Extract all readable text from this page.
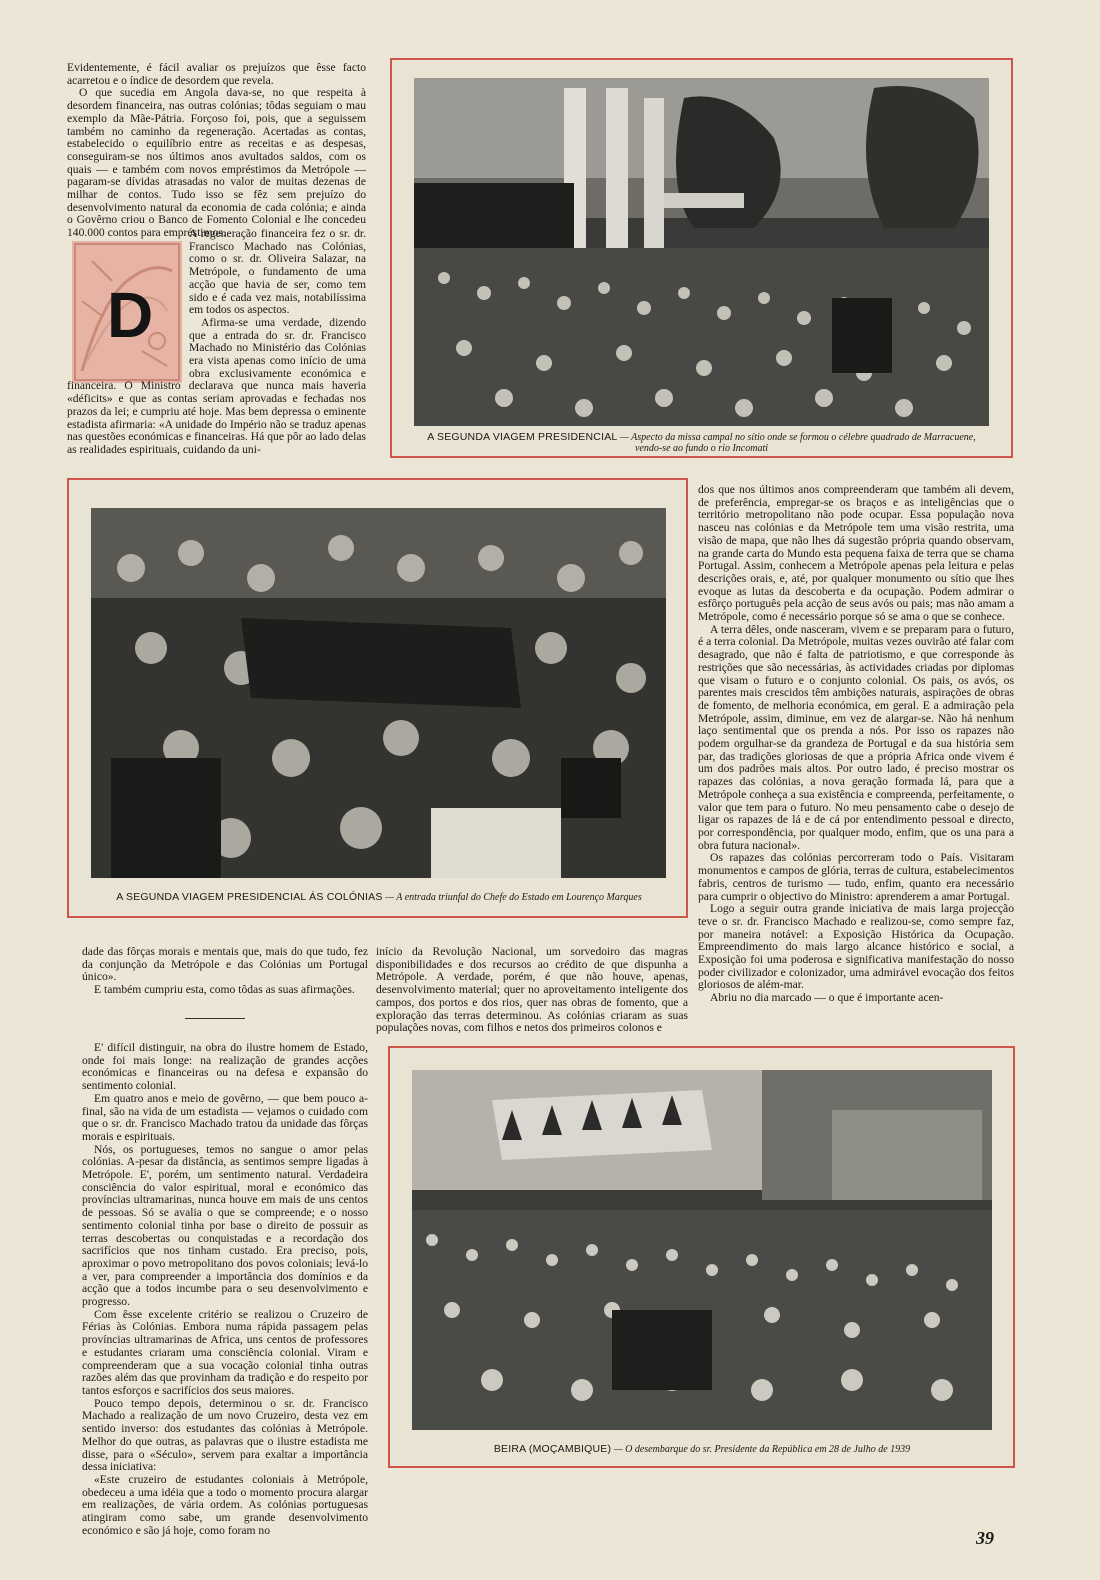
Evidentemente, é fácil avaliar os prejuízos que êsse facto acarretou e o índice de desordem que revela.

O que sucedia em Angola dava-se, no que respeita à desordem financeira, nas outras colónias; tôdas seguiam o mau exemplo da Mãe-Pátria. Forçoso foi, pois, que a seguissem também no caminho da regeneração. Acertadas as contas, estabelecido o equilíbrio entre as receitas e as despesas, conseguiram-se nos últimos anos avultados saldos, com os quais — e também com novos empréstimos da Metrópole — pagaram-se dívidas atrasadas no valor de muitas dezenas de milhar de contos. Tudo isso se fêz sem prejuízo do desenvolvimento natural da economia de cada colónia; e ainda o Govêrno criou o Banco de Fomento Colonial e lhe concedeu 140.000 contos para empréstimos.

D

A regeneração financeira fez o sr. dr. Francisco Machado nas Colónias, como o sr. dr. Oliveira Salazar, na Metrópole, o fundamento de uma acção que havia de ser, como tem sido e é cada vez mais, notabilíssima em todos os aspectos.

Afirma-se uma verdade, dizendo que a entrada do sr. dr. Francisco Machado no Ministério das Colónias era vista apenas como início de uma obra exclusivamente económica e financeira. O Ministro declarava que nunca mais haveria «déficits» e que as contas seriam aprovadas e fechadas nos prazos da lei; e cumpriu até hoje. Mas bem depressa o eminente estadista afirmaria: «A unidade do Império não se traduz apenas nas questões económicas e financeiras. Há que pôr ao lado delas as realidades espirituais, cuidando da uni-

A SEGUNDA VIAGEM PRESIDENCIAL — Aspecto da missa campal no sítio onde se formou o célebre quadrado de Marracuene, vendo-se ao fundo o rio Incomati
A SEGUNDA VIAGEM PRESIDENCIAL ÁS COLÓNIAS — A entrada triunfal do Chefe do Estado em Lourenço Marques

dos que nos últimos anos compreenderam que também ali devem, de preferência, empregar-se os braços e as inteligências que o território metropolitano não pode ocupar. Essa população nova nasceu nas colónias e da Metrópole tem uma visão restrita, uma visão de mapa, que não lhes dá sugestão própria quando observam, na grande carta do Mundo esta pequena faixa de terra que se chama Portugal. Assim, conhecem a Metrópole apenas pela leitura e pelas descrições orais, e, até, por qualquer monumento ou sítio que lhes evoque as lutas da descoberta e da ocupação. Podem admirar o esfôrço português pela acção de seus avós ou pais; mas não amam a Metrópole, como é necessário porque só se ama o que se conhece.

A terra dêles, onde nasceram, vivem e se preparam para o futuro, é a terra colonial. Da Metrópole, muitas vezes ouvirão até falar com desagrado, que não é falta de patriotismo, e que corresponde às restrições que são necessárias, às actividades criadas por diplomas que visam o futuro e o conjunto colonial. Os pais, os avós, os parentes mais crescidos têm ambições naturais, aspirações de obras de fomento, de melhoria económica, em geral. E a admiração pela Metrópole, assim, diminue, em vez de alargar-se. Não há nenhum laço sentimental que os prenda a nós. Por isso os rapazes não podem orgulhar-se da grandeza de Portugal e da sua história sem par, das tradições gloriosas de que a própria Africa onde vivem é um dos padrões mais altos. Por outro lado, é preciso mostrar os rapazes das colónias, a nova geração formada lá, para que a Metrópole conheça a sua existência e compreenda, perfeitamente, o valor que tem para o futuro. No meu pensamento cabe o desejo de ligar os rapazes de lá e de cá por entendimento pessoal e directo, por correspondência, por qualquer modo, enfim, que os una para a obra futura nacional».

Os rapazes das colónias percorreram todo o País. Visitaram monumentos e campos de glória, terras de cultura, estabelecimentos fabris, centros de turismo — tudo, enfim, quanto era necessário para cumprir o objectivo do Ministro: aprenderem a amar Portugal.

Logo a seguir outra grande iniciativa de mais larga projecção teve o sr. dr. Francisco Machado e realizou-se, como sempre faz, por maneira notável: a Exposição Histórica da Ocupação. Empreendimento do mais largo alcance histórico e social, a Exposição foi uma poderosa e significativa manifestação do nosso poder civilizador e colonizador, uma admirável evocação dos feitos gloriosos de além-mar.

Abriu no dia marcado — o que é importante acen-

dade das fôrças morais e mentais que, mais do que tudo, fez da conjunção da Metrópole e das Colónias um Portugal único».

E também cumpriu esta, como tôdas as suas afirmações.

início da Revolução Nacional, um sorvedoiro das magras disponibilidades e dos recursos ao crédito de que dispunha a Metrópole. A verdade, porém, é que não houve, apenas, desenvolvimento material; quer no aproveitamento inteligente dos campos, dos portos e dos rios, quer nas obras de fomento, que a exploração das terras determinou. As colónias criaram as suas populações novas, com filhos e netos dos primeiros colonos e

E' difícil distinguir, na obra do ilustre homem de Estado, onde foi mais longe: na realização de grandes acções económicas e financeiras ou na defesa e expansão do sentimento colonial.

Em quatro anos e meio de govêrno, — que bem pouco a-final, são na vida de um estadista — vejamos o cuidado com que o sr. dr. Francisco Machado tratou da unidade das fôrças morais e espirituais.

Nós, os portugueses, temos no sangue o amor pelas colónias. A-pesar da distância, as sentimos sempre ligadas à Metrópole. E', porém, um sentimento natural. Verdadeira consciência do valor espiritual, moral e económico das províncias ultramarinas, nunca houve em mais de uns centos de pessoas. Só se avalia o que se compreende; e o nosso sentimento colonial tinha por base o direito de possuir as terras descobertas ou conquistadas e a recordação dos sacrifícios que nos tinham custado. Era preciso, pois, aproximar o povo metropolitano dos povos coloniais; levá-lo a ver, para compreender a importância dos domínios e da acção que a todos incumbe para o seu desenvolvimento e progresso.

Com êsse excelente critério se realizou o Cruzeiro de Férias às Colónias. Embora numa rápida passagem pelas províncias ultramarinas de Africa, uns centos de professores e estudantes criaram uma consciência colonial. Viram e compreenderam que a sua vocação colonial tinha outras razões além das que provinham da tradição e do respeito por tantos esforços e sacrifícios dos seus maiores.

Pouco tempo depois, determinou o sr. dr. Francisco Machado a realização de um novo Cruzeiro, desta vez em sentido inverso: dos estudantes das colónias à Metrópole. Melhor do que outras, as palavras que o ilustre estadista me disse, para o «Século», servem para exaltar a importância dessa iniciativa:

«Este cruzeiro de estudantes coloniais à Metrópole, obedeceu a uma idéia que a todo o momento procura alargar em realizações, de vária ordem. As colónias portuguesas atingiram como sabe, um grande desenvolvimento económico e são já hoje, como foram no

BEIRA (MOÇAMBIQUE) — O desembarque do sr. Presidente da República em 28 de Julho de 1939
39
